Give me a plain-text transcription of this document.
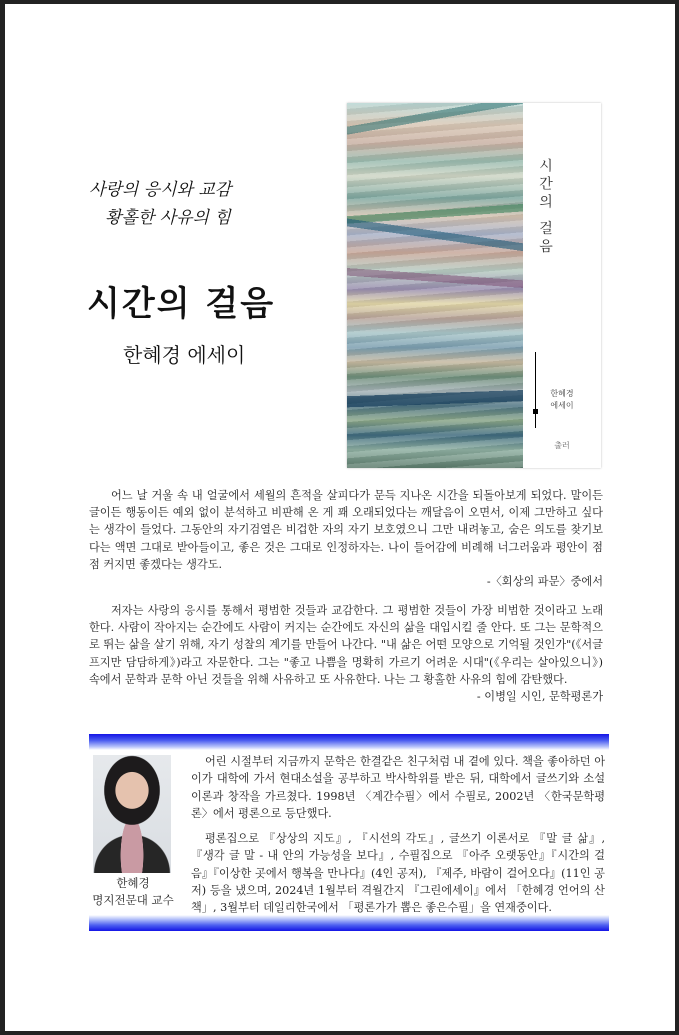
사랑의 응시와 교감
황홀한 사유의 힘
시간의 걸음
한혜경 에세이
시간의 걸음
한혜경
에세이
출러

어느 날 거울 속 내 얼굴에서 세월의 흔적을 살피다가 문득 지나온 시간을 되돌아보게 되었다. 말이든 글이든 행동이든 예외 없이 분석하고 비판해 온 게 꽤 오래되었다는 깨달음이 오면서, 이제 그만하고 싶다는 생각이 들었다. 그동안의 자기검열은 비겁한 자의 자기 보호였으니 그만 내려놓고, 숨은 의도를 찾기보다는 액면 그대로 받아들이고, 좋은 것은 그대로 인정하자는. 나이 들어감에 비례해 너그러움과 평안이 점점 커지면 좋겠다는 생각도.

-〈회상의 파문〉중에서

저자는 사랑의 응시를 통해서 평범한 것들과 교감한다. 그 평범한 것들이 가장 비범한 것이라고 노래한다. 사람이 작아지는 순간에도 사람이 커지는 순간에도 자신의 삶을 대입시킬 줄 안다. 또 그는 문학적으로 뛰는 삶을 살기 위해, 자기 성찰의 계기를 만들어 나간다. "내 삶은 어떤 모양으로 기억될 것인가"(《서글프지만 담담하게》)라고 자문한다. 그는 "좋고 나쁨을 명확히 가르기 어려운 시대"(《우리는 살아있으니》) 속에서 문학과 문학 아닌 것들을 위해 사유하고 또 사유한다. 나는 그 황홀한 사유의 힘에 감탄했다.

- 이병일 시인, 문학평론가
한혜경
명지전문대 교수

어린 시절부터 지금까지 문학은 한결같은 친구처럼 내 곁에 있다. 책을 좋아하던 아이가 대학에 가서 현대소설을 공부하고 박사학위를 받은 뒤, 대학에서 글쓰기와 소설이론과 창작을 가르쳤다. 1998년 〈계간수필〉에서 수필로, 2002년 〈한국문학평론〉에서 평론으로 등단했다.

평론집으로 『상상의 지도』, 『시선의 각도』, 글쓰기 이론서로 『말 글 삶』, 『생각 글 말 - 내 안의 가능성을 보다』, 수필집으로 『아주 오랫동안』『시간의 걸음』『이상한 곳에서 행복을 만나다』(4인 공저), 『제주, 바람이 걸어오다』(11인 공저) 등을 냈으며, 2024년 1월부터 격월간지 『그린에세이』에서 「한혜경 언어의 산책」, 3월부터 데일리한국에서 「평론가가 뽑은 좋은수필」을 연재중이다.
